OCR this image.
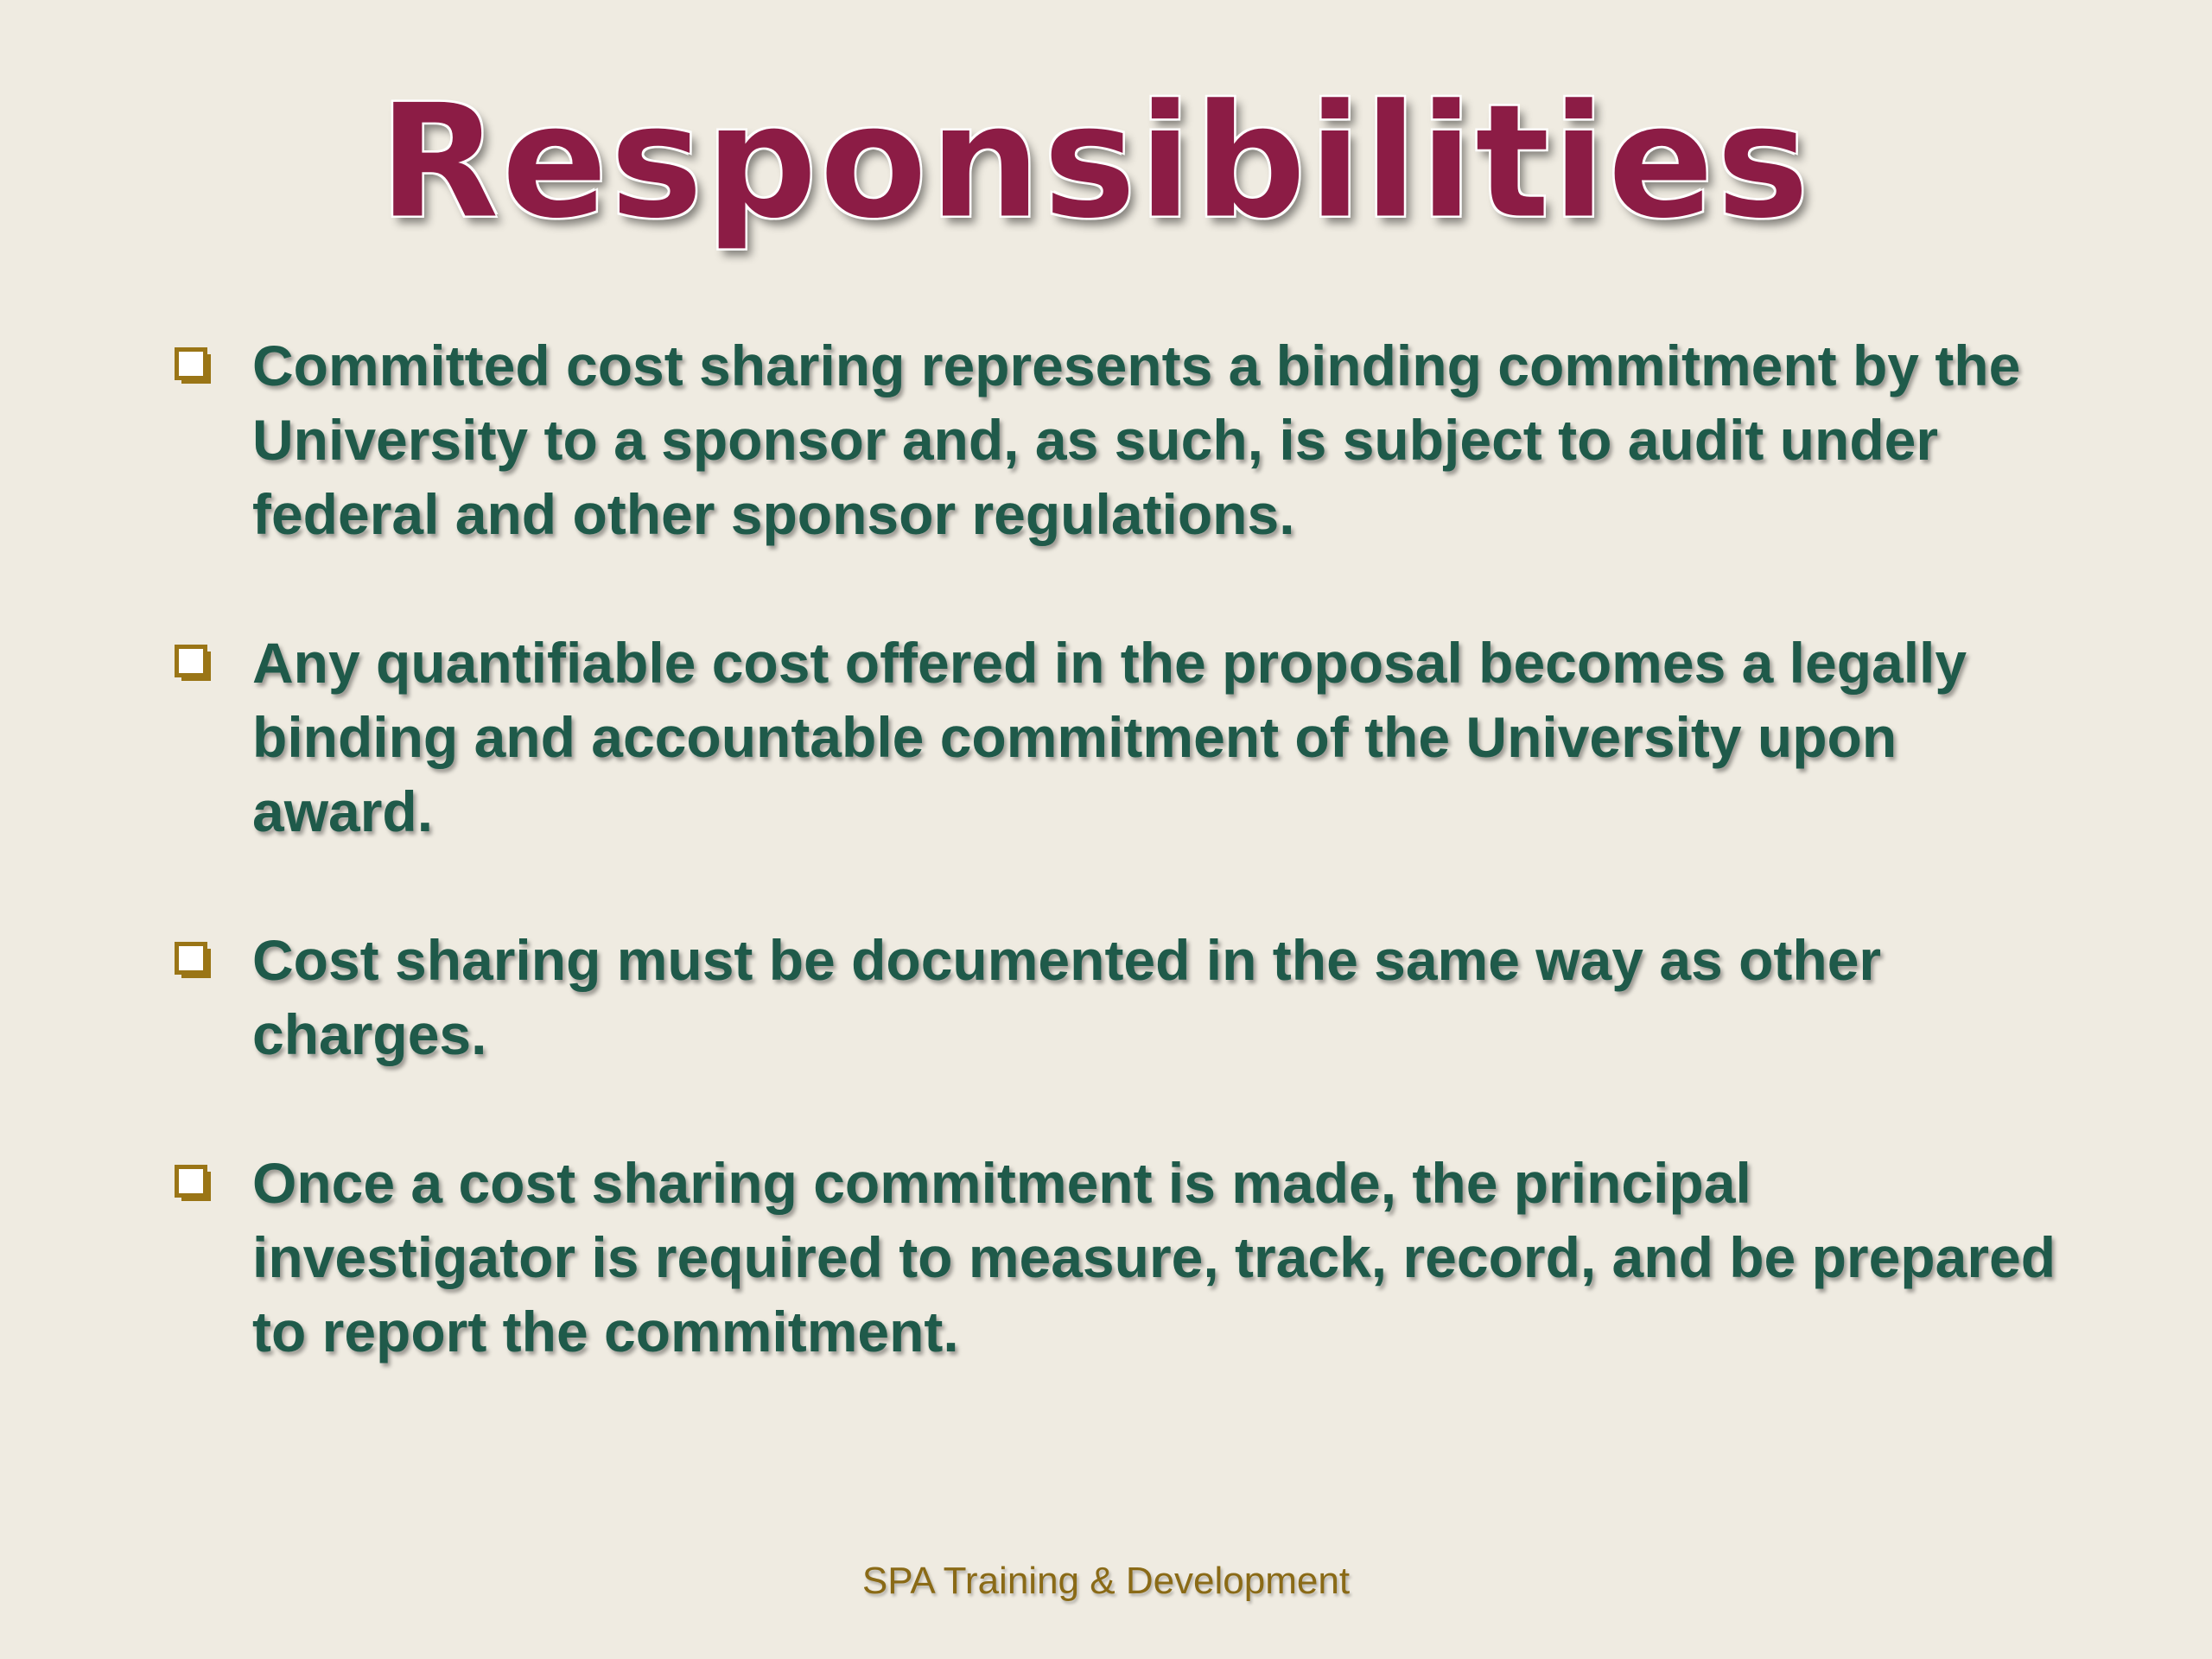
Responsibilities
Committed cost sharing represents a binding commitment by the University to a sponsor and, as such, is subject to audit under federal and other sponsor regulations.
Any quantifiable cost offered in the proposal becomes a legally binding and accountable commitment of the University upon award.
Cost sharing must be documented in the same way as other charges.
Once a cost sharing commitment is made, the principal investigator is required to measure, track, record, and be prepared to report the commitment.
SPA Training & Development
